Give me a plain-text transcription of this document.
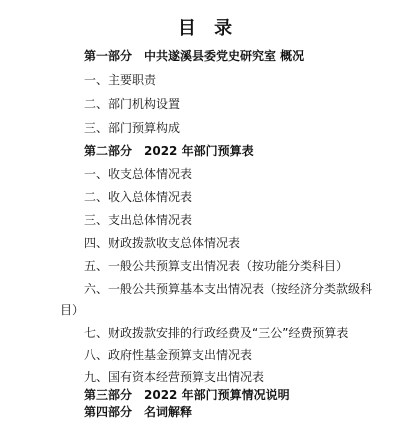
目 录
第一部分　中共遂溪县委党史研究室 概况
一、主要职责
二、部门机构设置
三、部门预算构成
第二部分　2022 年部门预算表
一、收支总体情况表
二、收入总体情况表
三、支出总体情况表
四、财政拨款收支总体情况表
五、一般公共预算支出情况表（按功能分类科目）
六、一般公共预算基本支出情况表（按经济分类款级科
目）
七、财政拨款安排的行政经费及“三公”经费预算表
八、政府性基金预算支出情况表
九、国有资本经营预算支出情况表
第三部分　2022 年部门预算情况说明
第四部分　名词解释
